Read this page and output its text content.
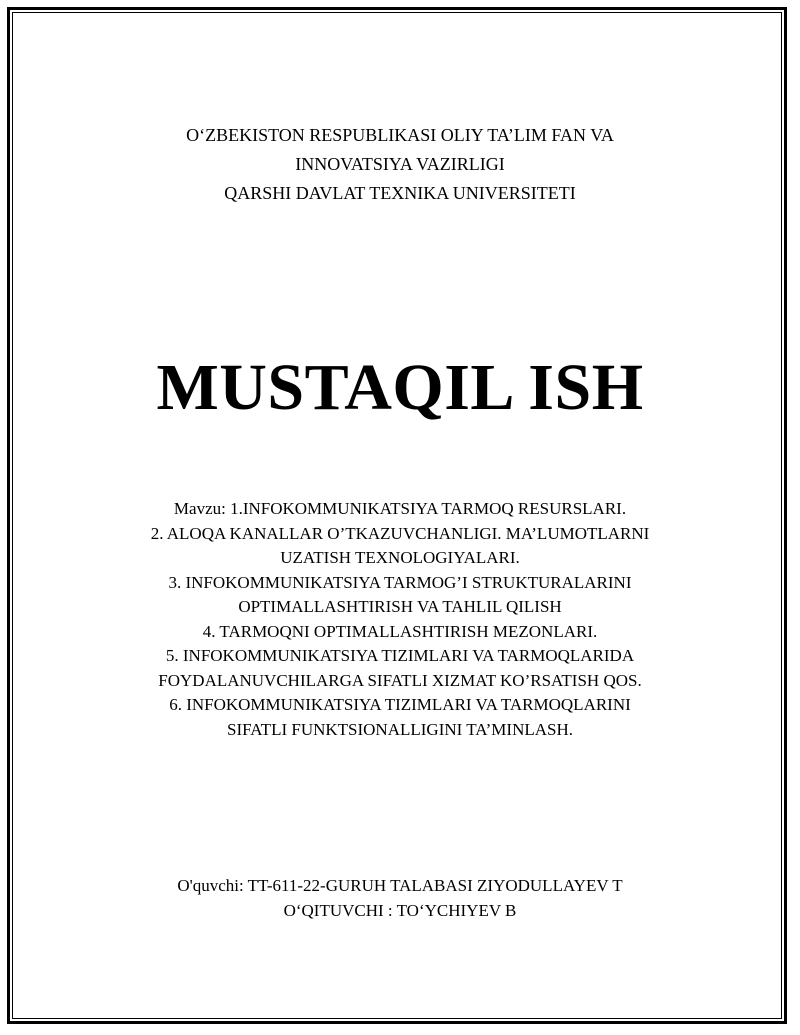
O‘ZBEKISTON RESPUBLIKASI OLIY TA’LIM FAN VA
INNOVATSIYA VAZIRLIGI
QARSHI DAVLAT TEXNIKA UNIVERSITETI
MUSTAQIL ISH
Mavzu: 1.INFOKOMMUNIKATSIYA TARMOQ RESURSLARI.
2. ALOQA KANALLAR O’TKAZUVCHANLIGI. MA’LUMOTLARNI
UZATISH TEXNOLOGIYALARI.
3. INFOKOMMUNIKATSIYA TARMOG’I STRUKTURALARINI
OPTIMALLASHTIRISH VA TAHLIL QILISH
4. TARMOQNI OPTIMALLASHTIRISH MEZONLARI.
5. INFOKOMMUNIKATSIYA TIZIMLARI VA TARMOQLARIDA
FOYDALANUVCHILARGA SIFATLI XIZMAT KO’RSATISH QOS.
6. INFOKOMMUNIKATSIYA TIZIMLARI VA TARMOQLARINI
SIFATLI FUNKTSIONALLIGINI TA’MINLASH.
O'quvchi: TT-611-22-GURUH TALABASI ZIYODULLAYEV T
O‘QITUVCHI : TO‘YCHIYEV B
